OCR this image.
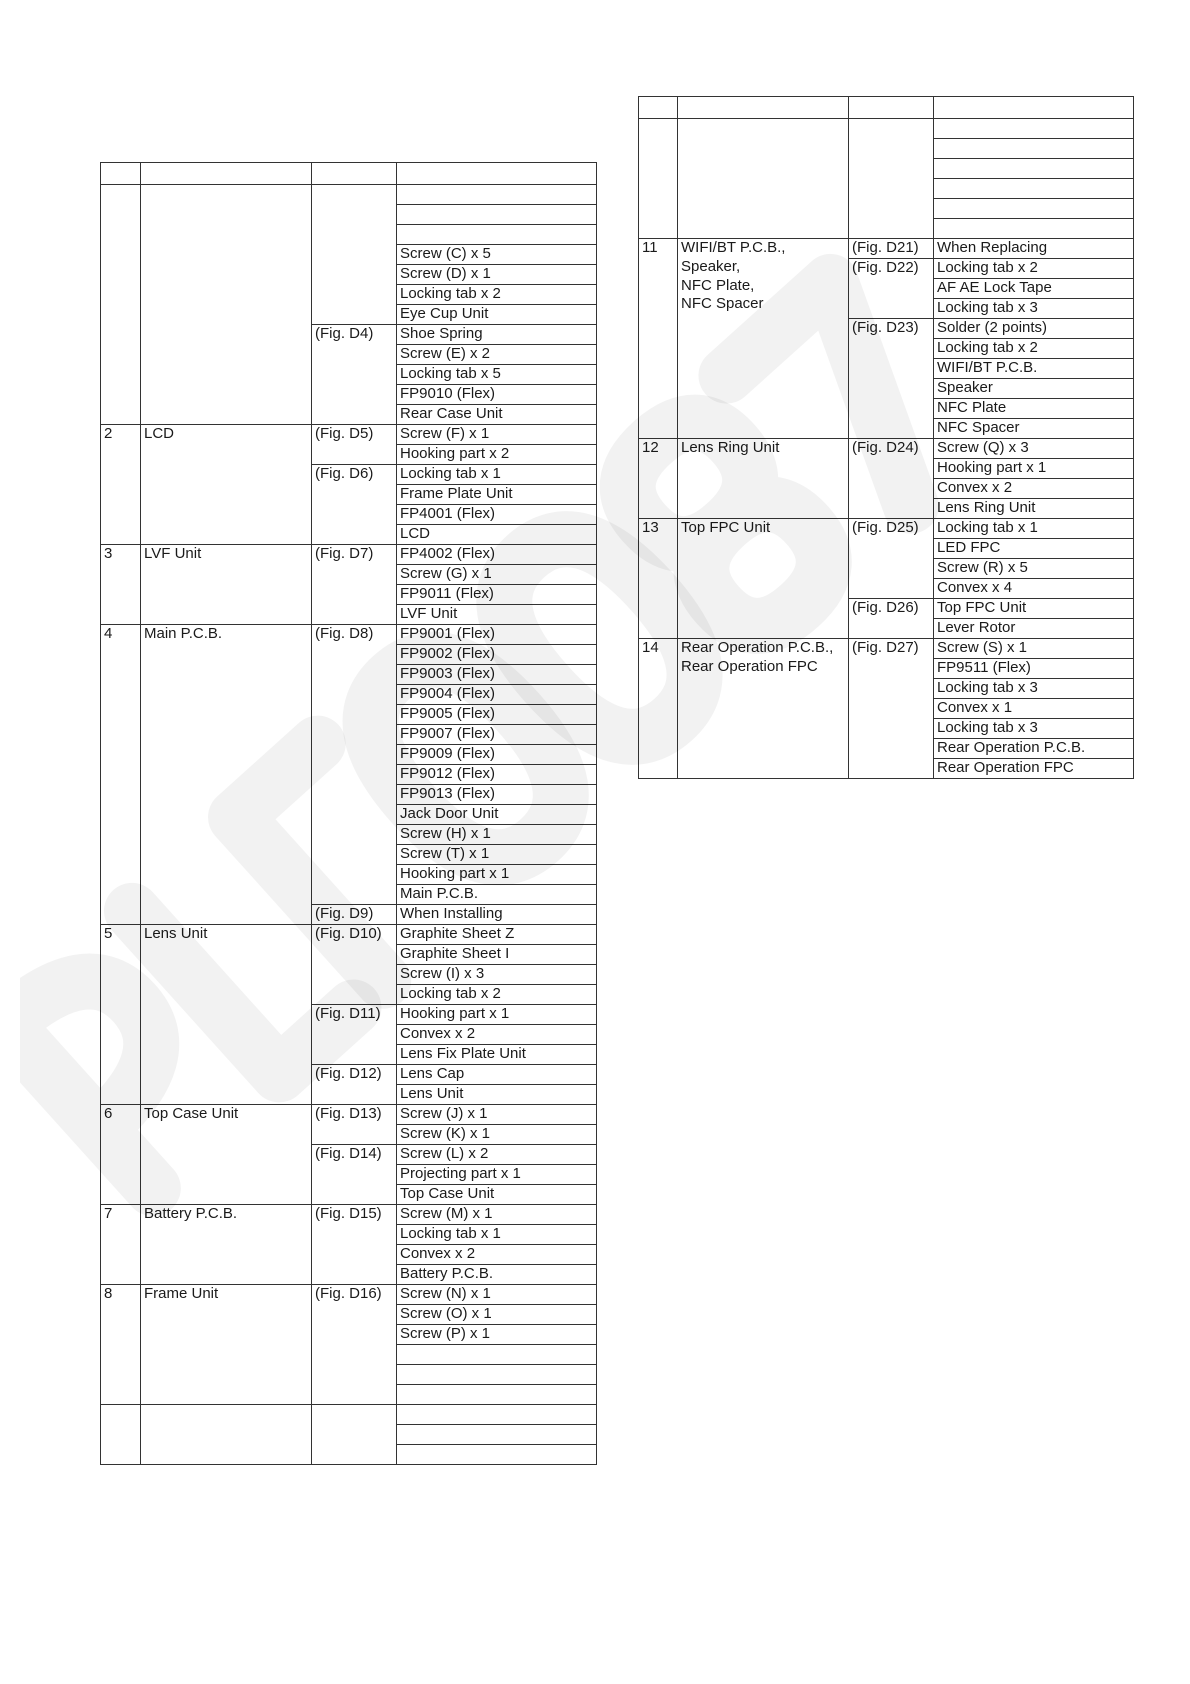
			Screw (C) x 5
			Screw (D) x 1
			Locking tab x 2
			Eye Cup Unit
		(Fig. D4)	Shoe Spring
			Screw (E) x 2
			Locking tab x 5
			FP9010 (Flex)
			Rear Case Unit
2	LCD	(Fig. D5)	Screw (F) x 1
			Hooking part x 2
		(Fig. D6)	Locking tab x 1
			Frame Plate Unit
			FP4001 (Flex)
			LCD
3	LVF Unit	(Fig. D7)	FP4002 (Flex)
			Screw (G) x 1
			FP9011 (Flex)
			LVF Unit
4	Main P.C.B.	(Fig. D8)	FP9001 (Flex)
			FP9002 (Flex)
			FP9003 (Flex)
			FP9004 (Flex)
			FP9005 (Flex)
			FP9007 (Flex)
			FP9009 (Flex)
			FP9012 (Flex)
			FP9013 (Flex)
			Jack Door Unit
			Screw (H) x 1
			Screw (T) x 1
			Hooking part x 1
			Main P.C.B.
		(Fig. D9)	When Installing
5	Lens Unit	(Fig. D10)	Graphite Sheet Z
			Graphite Sheet I
			Screw (I) x 3
			Locking tab x 2
		(Fig. D11)	Hooking part x 1
			Convex x 2
			Lens Fix Plate Unit
		(Fig. D12)	Lens Cap
			Lens Unit
6	Top Case Unit	(Fig. D13)	Screw (J) x 1
			Screw (K) x 1
		(Fig. D14)	Screw (L) x 2
			Projecting part x 1
			Top Case Unit
7	Battery P.C.B.	(Fig. D15)	Screw (M) x 1
			Locking tab x 1
			Convex x 2
			Battery P.C.B.
8	Frame Unit	(Fig. D16)	Screw (N) x 1
			Screw (O) x 1
			Screw (P) x 1

11	WIFI/BT P.C.B.,
Speaker,
NFC Plate,
NFC Spacer	(Fig. D21)	When Replacing
		(Fig. D22)	Locking tab x 2
			AF AE Lock Tape
			Locking tab x 3
		(Fig. D23)	Solder (2 points)
			Locking tab x 2
			WIFI/BT P.C.B.
			Speaker
			NFC Plate
			NFC Spacer
12	Lens Ring Unit	(Fig. D24)	Screw (Q) x 3
			Hooking part x 1
			Convex x 2
			Lens Ring Unit
13	Top FPC Unit	(Fig. D25)	Locking tab x 1
			LED FPC
			Screw (R) x 5
			Convex x 4
		(Fig. D26)	Top FPC Unit
			Lever Rotor
14	Rear Operation P.C.B.,
Rear Operation FPC	(Fig. D27)	Screw (S) x 1
			FP9511 (Flex)
			Locking tab x 3
			Convex x 1
			Locking tab x 3
			Rear Operation P.C.B.
			Rear Operation FPC
